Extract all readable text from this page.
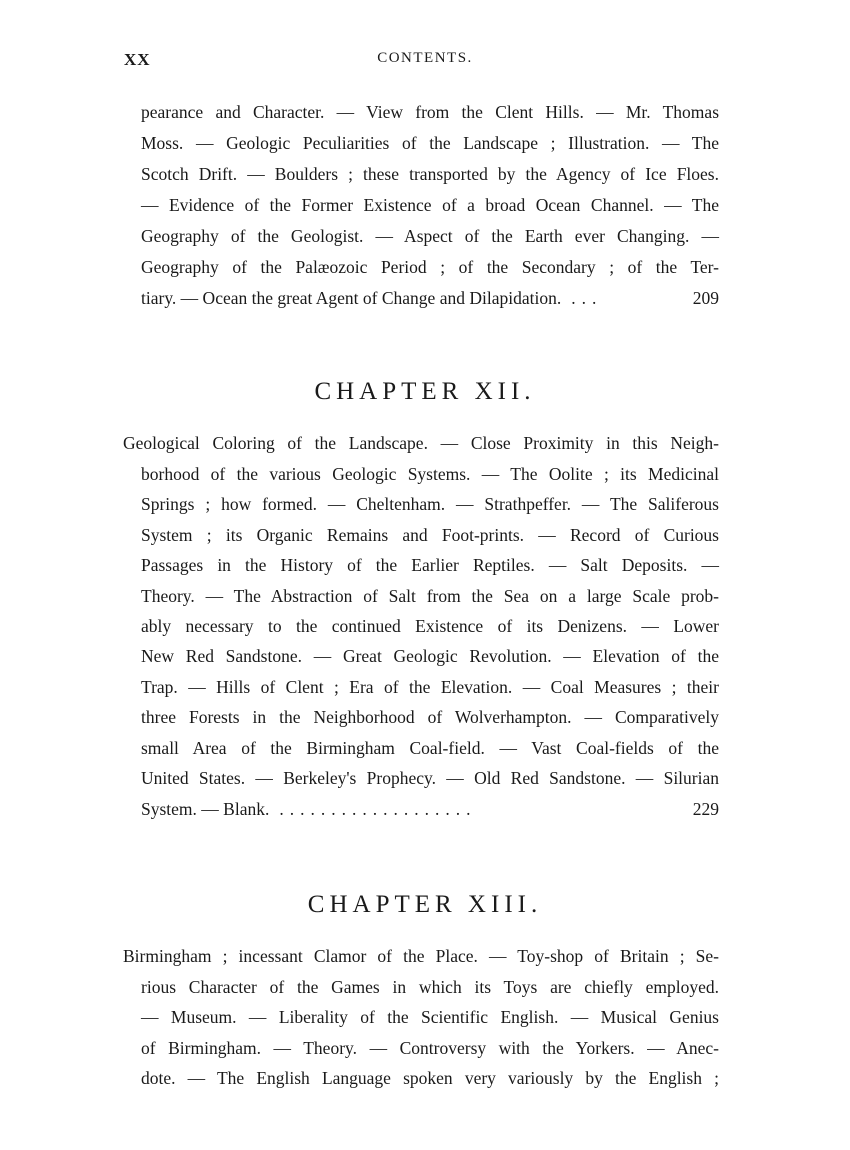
XX	CONTENTS.
pearance and Character. — View from the Clent Hills. — Mr. Thomas
Moss. — Geologic Peculiarities of the Landscape ; Illustration. — The
Scotch Drift. — Boulders ; these transported by the Agency of Ice Floes.
— Evidence of the Former Existence of a broad Ocean Channel. — The
Geography of the Geologist. — Aspect of the Earth ever Changing. —
Geography of the Palæozoic Period ; of the Secondary ; of the Ter-
tiary. — Ocean the great Agent of Change and Dilapidation. ...	209
CHAPTER XII.
Geological Coloring of the Landscape. — Close Proximity in this Neigh-
borhood of the various Geologic Systems. — The Oolite ; its Medicinal
Springs ; how formed. — Cheltenham. — Strathpeffer. — The Saliferous
System ; its Organic Remains and Foot-prints. — Record of Curious
Passages in the History of the Earlier Reptiles. — Salt Deposits. —
Theory. — The Abstraction of Salt from the Sea on a large Scale prob-
ably necessary to the continued Existence of its Denizens. — Lower
New Red Sandstone. — Great Geologic Revolution. — Elevation of the
Trap. — Hills of Clent ; Era of the Elevation. — Coal Measures ; their
three Forests in the Neighborhood of Wolverhampton. — Comparatively
small Area of the Birmingham Coal-field. — Vast Coal-fields of the
United States. — Berkeley's Prophecy. — Old Red Sandstone. — Silurian
System. — Blank. ...................	229
CHAPTER XIII.
Birmingham ; incessant Clamor of the Place. — Toy-shop of Britain ; Se-
rious Character of the Games in which its Toys are chiefly employed.
— Museum. — Liberality of the Scientific English. — Musical Genius
of Birmingham. — Theory. — Controversy with the Yorkers. — Anec-
dote. — The English Language spoken very variously by the English ;
